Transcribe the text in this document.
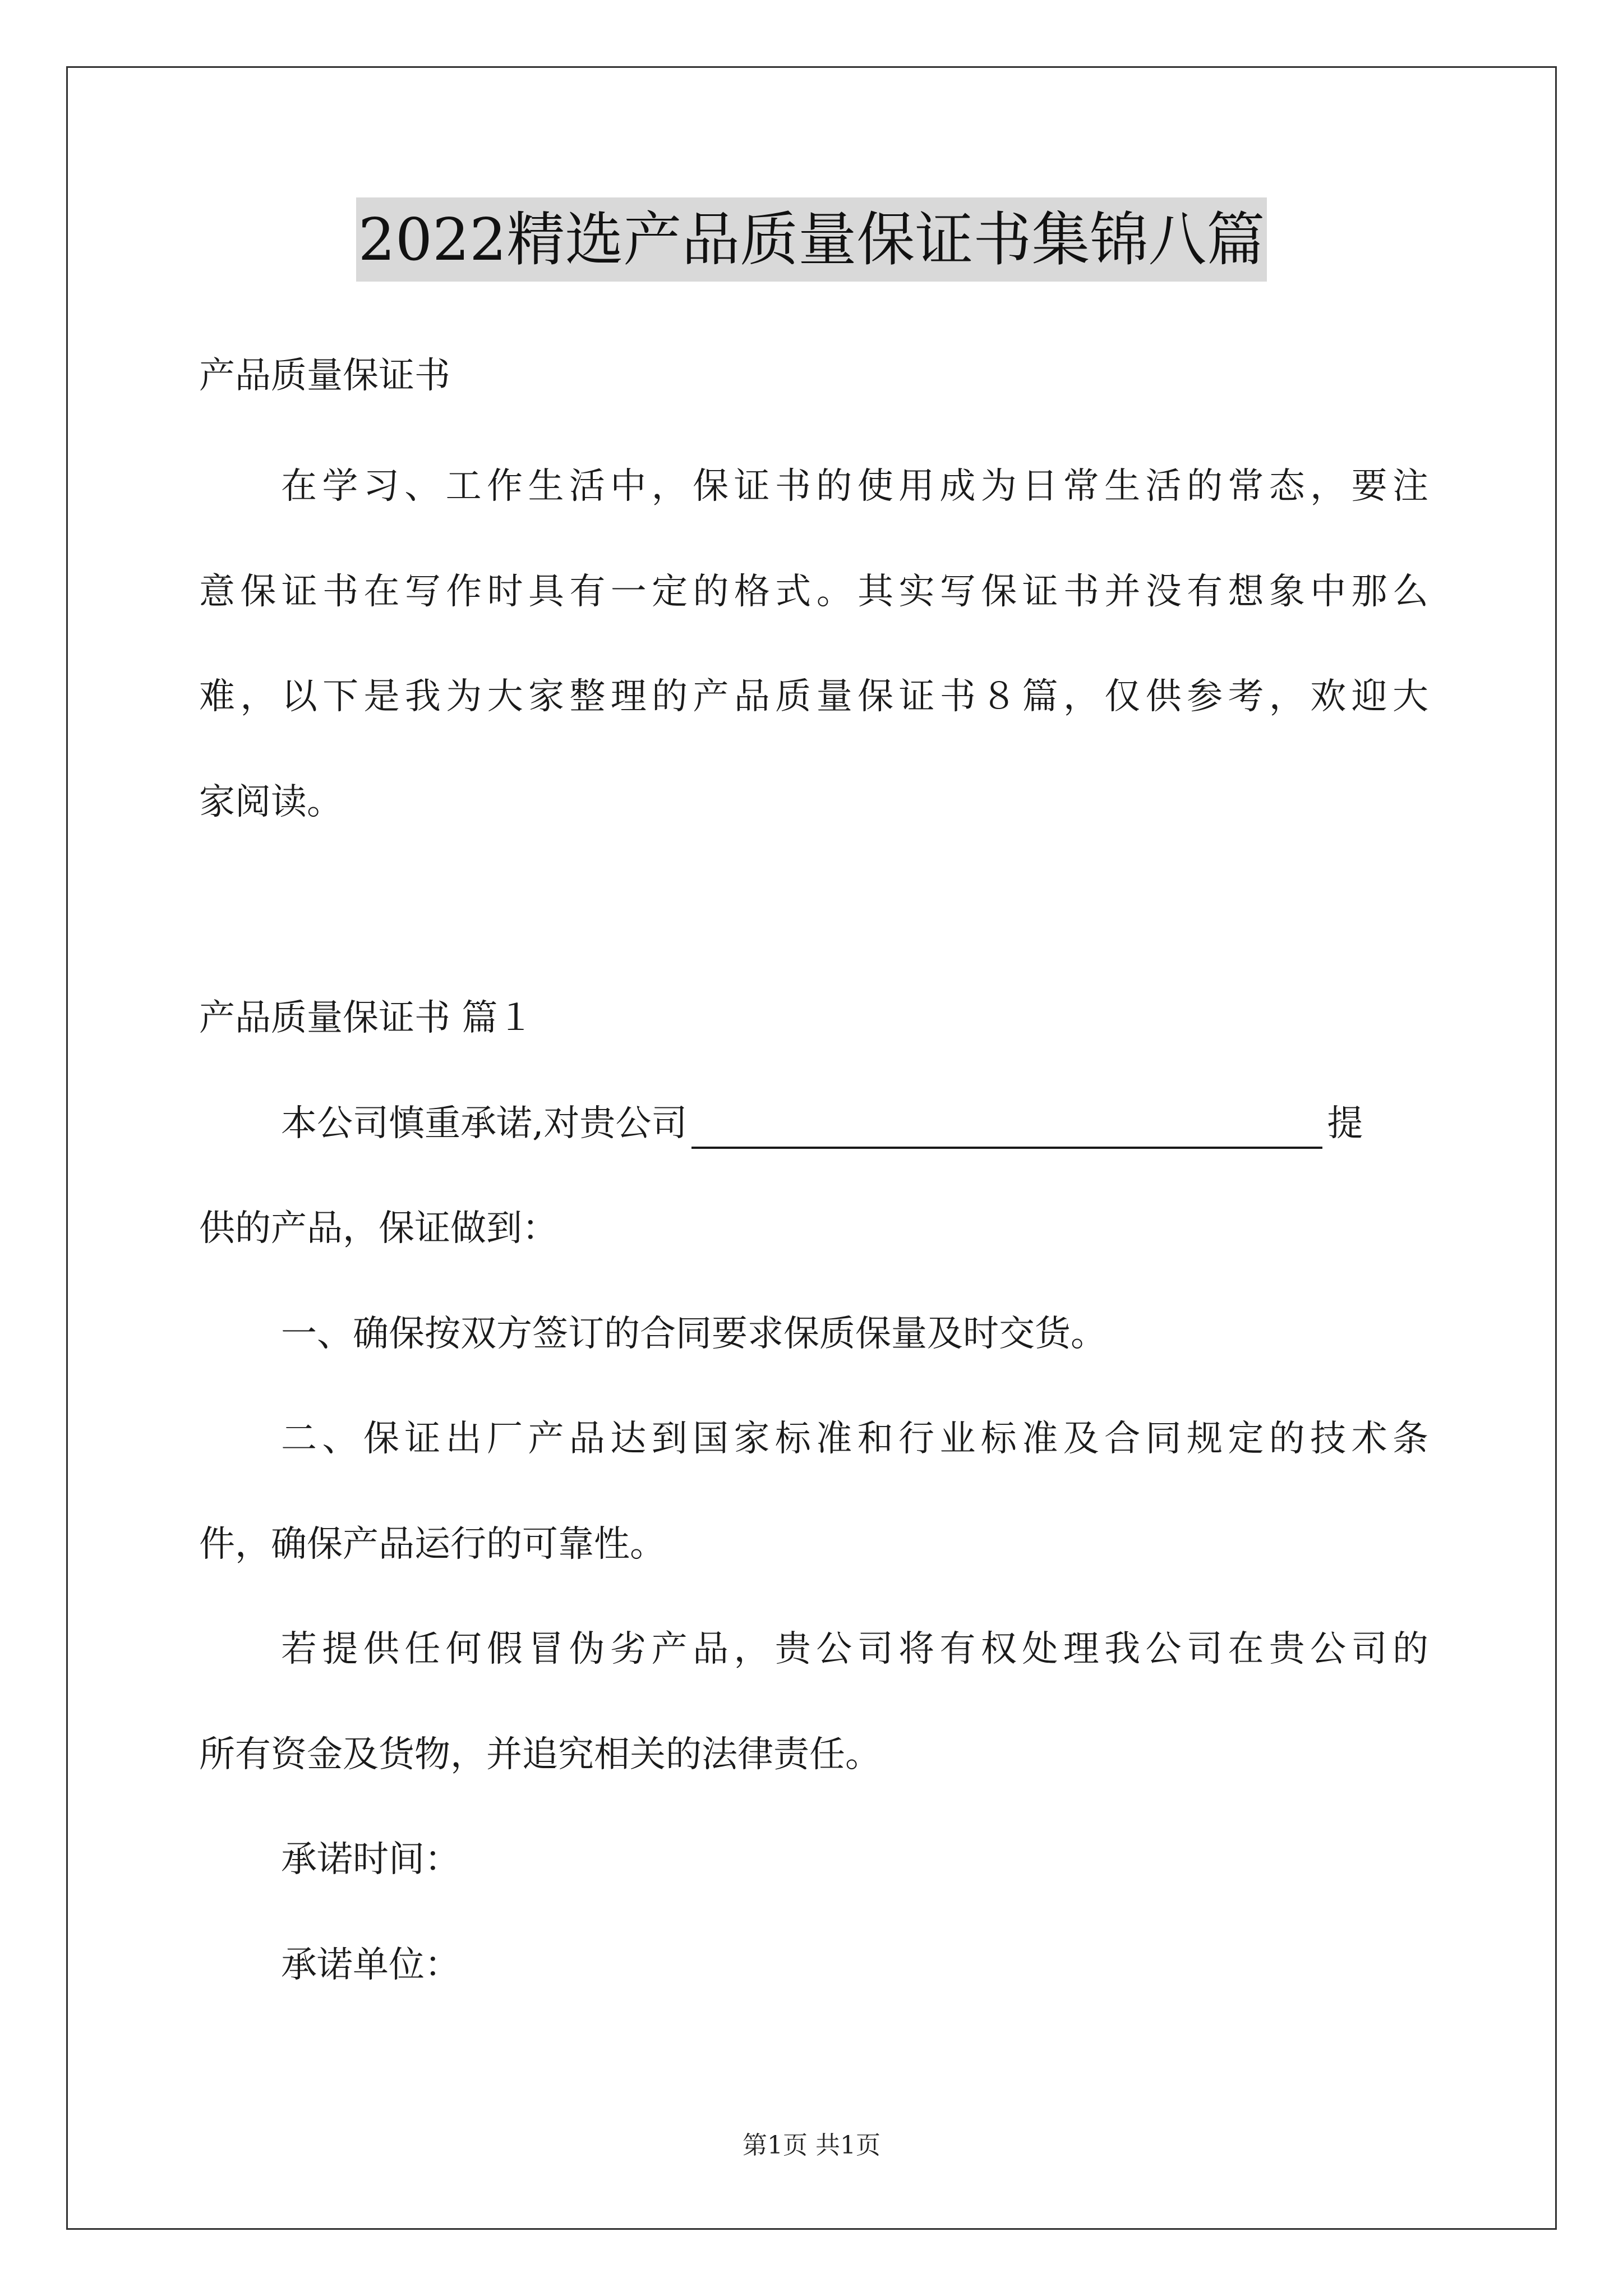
2022精选产品质量保证书集锦八篇
产品质量保证书
在学习、工作生活中，保证书的使用成为日常生活的常态，要注
意保证书在写作时具有一定的格式。其实写保证书并没有想象中那么
难，以下是我为大家整理的产品质量保证书８篇，仅供参考，欢迎大
家阅读。
产品质量保证书 篇１
本公司慎重承诺,对贵公司	提
供的产品，保证做到：
一、确保按双方签订的合同要求保质保量及时交货。
二、保证出厂产品达到国家标准和行业标准及合同规定的技术条
件，确保产品运行的可靠性。
若提供任何假冒伪劣产品，贵公司将有权处理我公司在贵公司的
所有资金及货物，并追究相关的法律责任。
承诺时间：
承诺单位：
第1页 共1页
